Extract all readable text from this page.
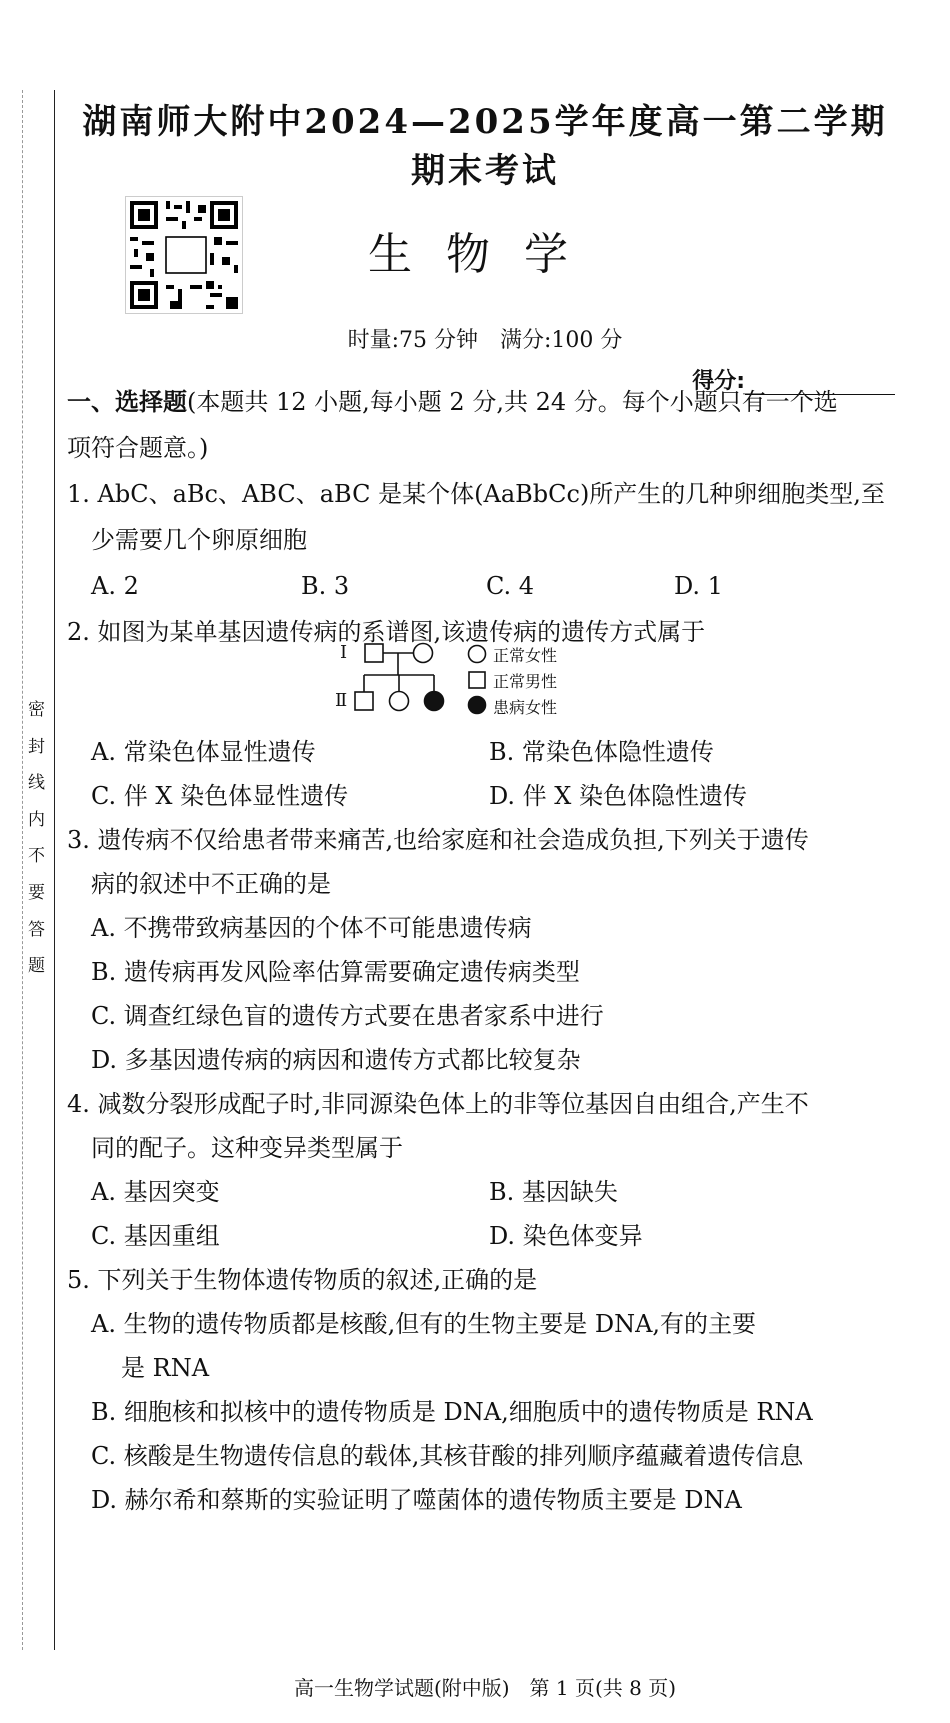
密
封
线
内
不
要
答
题
湖南师大附中2024—2025学年度高一第二学期期末考试
生物学
时量:75 分钟　满分:100 分
得分:
一、选择题(本题共 12 小题,每小题 2 分,共 24 分。每个小题只有一个选
项符合题意。)
1. AbC、aBc、ABC、aBC 是某个体(AaBbCc)所产生的几种卵细胞类型,至
少需要几个卵原细胞
A. 2	B. 3	C. 4	D. 1
2. 如图为某单基因遗传病的系谱图,该遗传病的遗传方式属于
I
Ⅱ
正常女性
正常男性
患病女性
A. 常染色体显性遗传	B. 常染色体隐性遗传
C. 伴 X 染色体显性遗传	D. 伴 X 染色体隐性遗传
3. 遗传病不仅给患者带来痛苦,也给家庭和社会造成负担,下列关于遗传
病的叙述中不正确的是
A. 不携带致病基因的个体不可能患遗传病
B. 遗传病再发风险率估算需要确定遗传病类型
C. 调查红绿色盲的遗传方式要在患者家系中进行
D. 多基因遗传病的病因和遗传方式都比较复杂
4. 减数分裂形成配子时,非同源染色体上的非等位基因自由组合,产生不
同的配子。这种变异类型属于
A. 基因突变	B. 基因缺失
C. 基因重组	D. 染色体变异
5. 下列关于生物体遗传物质的叙述,正确的是
A. 生物的遗传物质都是核酸,但有的生物主要是 DNA,有的主要
是 RNA
B. 细胞核和拟核中的遗传物质是 DNA,细胞质中的遗传物质是 RNA
C. 核酸是生物遗传信息的载体,其核苷酸的排列顺序蕴藏着遗传信息
D. 赫尔希和蔡斯的实验证明了噬菌体的遗传物质主要是 DNA
高一生物学试题(附中版)　第 1 页(共 8 页)
